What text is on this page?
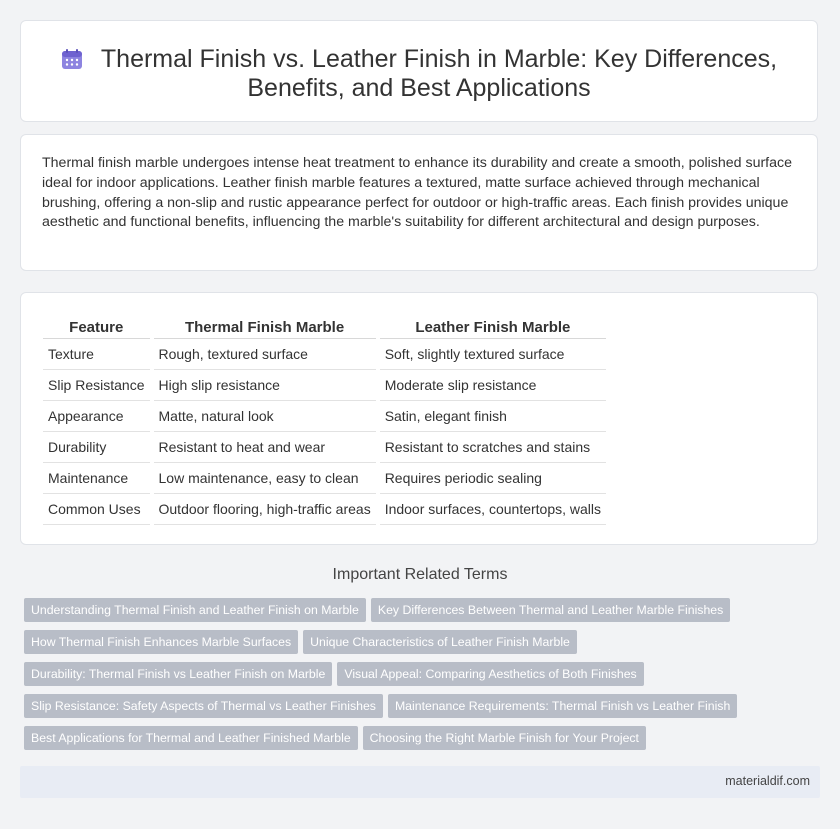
Thermal Finish vs. Leather Finish in Marble: Key Differences, Benefits, and Best Applications

Thermal finish marble undergoes intense heat treatment to enhance its durability and create a smooth, polished surface ideal for indoor applications. Leather finish marble features a textured, matte surface achieved through mechanical brushing, offering a non-slip and rustic appearance perfect for outdoor or high-traffic areas. Each finish provides unique aesthetic and functional benefits, influencing the marble's suitability for different architectural and design purposes.

Feature		Thermal Finish Marble		Leather Finish Marble
Texture		Rough, textured surface		Soft, slightly textured surface
Slip Resistance		High slip resistance		Moderate slip resistance
Appearance		Matte, natural look		Satin, elegant finish
Durability		Resistant to heat and wear		Resistant to scratches and stains
Maintenance		Low maintenance, easy to clean		Requires periodic sealing
Common Uses		Outdoor flooring, high-traffic areas		Indoor surfaces, countertops, walls
Important Related Terms
Understanding Thermal Finish and Leather Finish on Marble Key Differences Between Thermal and Leather Marble Finishes
How Thermal Finish Enhances Marble Surfaces Unique Characteristics of Leather Finish Marble
Durability: Thermal Finish vs Leather Finish on Marble Visual Appeal: Comparing Aesthetics of Both Finishes
Slip Resistance: Safety Aspects of Thermal vs Leather Finishes Maintenance Requirements: Thermal Finish vs Leather Finish
Best Applications for Thermal and Leather Finished Marble Choosing the Right Marble Finish for Your Project
materialdif.com
